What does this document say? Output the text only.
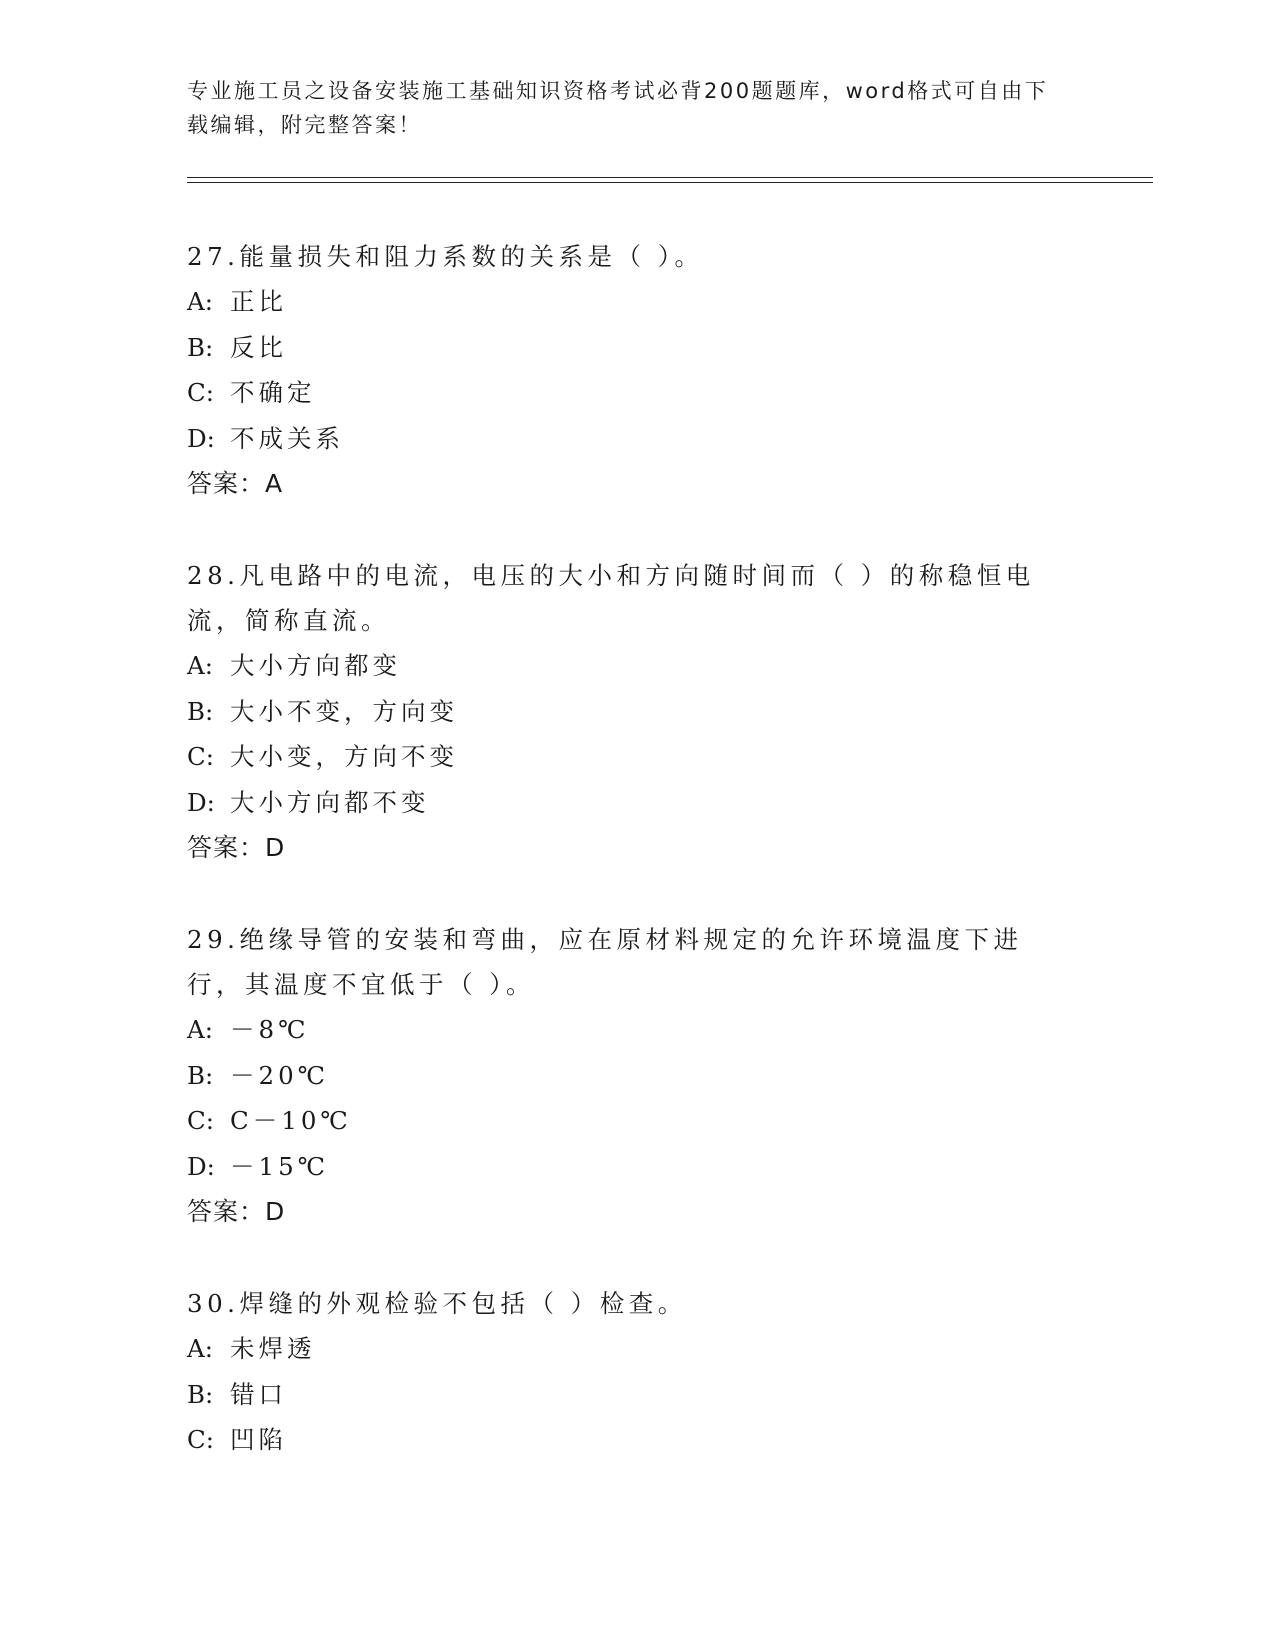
专业施工员之设备安装施工基础知识资格考试必背200题题库，word格式可自由下载编辑，附完整答案！

27.能量损失和阻力系数的关系是（ ）。

A: 正比

B: 反比

C: 不确定

D: 不成关系

答案：A

28.凡电路中的电流，电压的大小和方向随时间而（ ）的称稳恒电流，简称直流。

A: 大小方向都变

B: 大小不变，方向变

C: 大小变，方向不变

D: 大小方向都不变

答案：D

29.绝缘导管的安装和弯曲，应在原材料规定的允许环境温度下进行，其温度不宜低于（ ）。

A: －8℃

B: －20℃

C: C－10℃

D: －15℃

答案：D

30.焊缝的外观检验不包括（ ）检查。

A: 未焊透

B: 错口

C: 凹陷
